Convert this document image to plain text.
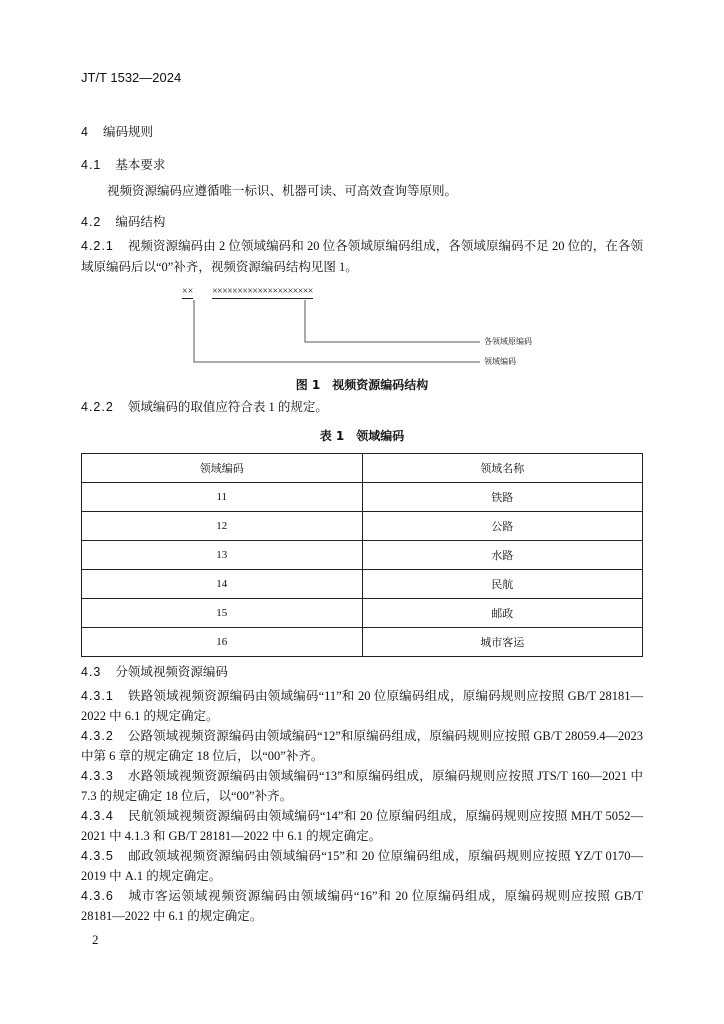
JT/T 1532—2024
4 编码规则
4.1 基本要求
视频资源编码应遵循唯一标识、机器可读、可高效查询等原则。
4.2 编码结构
4.2.1 视频资源编码由 2 位领域编码和 20 位各领域原编码组成，各领域原编码不足 20 位的，在各领域原编码后以“0”补齐，视频资源编码结构见图 1。
×× ××××××××××××××××××××
各领域原编码
领域编码
图 1　视频资源编码结构
4.2.2 领域编码的取值应符合表 1 的规定。
表 1　领域编码
领域编码	领域名称
11	铁路
12	公路
13	水路
14	民航
15	邮政
16	城市客运
4.3 分领域视频资源编码

4.3.1 铁路领域视频资源编码由领域编码“11”和 20 位原编码组成，原编码规则应按照 GB/T 28181—2022 中 6.1 的规定确定。

4.3.2 公路领域视频资源编码由领域编码“12”和原编码组成，原编码规则应按照 GB/T 28059.4—2023 中第 6 章的规定确定 18 位后，以“00”补齐。

4.3.3 水路领域视频资源编码由领域编码“13”和原编码组成，原编码规则应按照 JTS/T 160—2021 中 7.3 的规定确定 18 位后，以“00”补齐。

4.3.4 民航领域视频资源编码由领域编码“14”和 20 位原编码组成，原编码规则应按照 MH/T 5052—2021 中 4.1.3 和 GB/T 28181—2022 中 6.1 的规定确定。

4.3.5 邮政领域视频资源编码由领域编码“15”和 20 位原编码组成，原编码规则应按照 YZ/T 0170—2019 中 A.1 的规定确定。

4.3.6 城市客运领域视频资源编码由领域编码“16”和 20 位原编码组成，原编码规则应按照 GB/T 28181—2022 中 6.1 的规定确定。

2
